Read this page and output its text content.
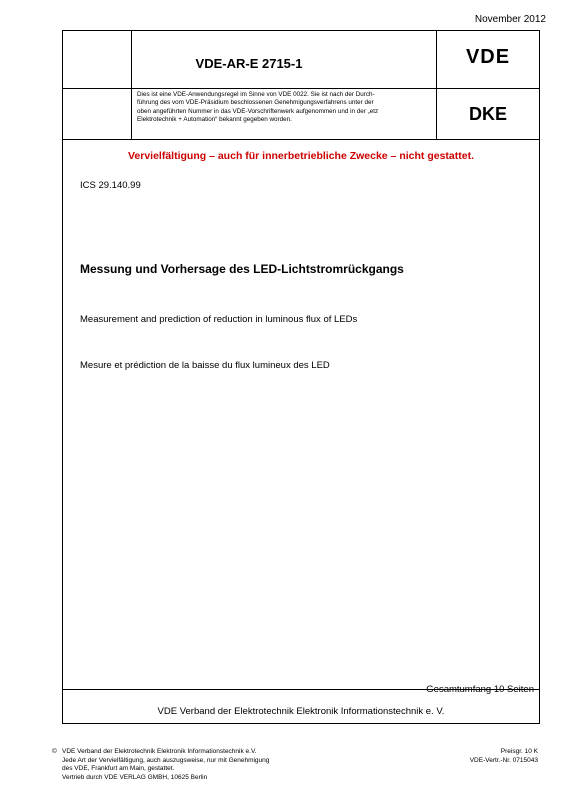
November 2012
VDE-AR-E 2715-1	VDE
DKE
Dies ist eine VDE-Anwendungsregel im Sinne von VDE 0022. Sie ist nach der Durch-
führung des vom VDE-Präsidium beschlossenen Genehmigungsverfahrens unter der
oben angeführten Nummer in das VDE-Vorschriftenwerk aufgenommen und in der „etz
Elektrotechnik + Automation“ bekannt gegeben worden.
Vervielfältigung – auch für innerbetriebliche Zwecke – nicht gestattet.
ICS 29.140.99
Messung und Vorhersage des LED-Lichtstromrückgangs
Measurement and prediction of reduction in luminous flux of LEDs
Mesure et prédiction de la baisse du flux lumineux des LED
Gesamtumfang 10 Seiten
VDE Verband der Elektrotechnik Elektronik Informationstechnik e. V.
© VDE Verband der Elektrotechnik Elektronik Informationstechnik e.V.
Jede Art der Vervielfältigung, auch auszugsweise, nur mit Genehmigung
des VDE, Frankfurt am Main, gestattet.
Vertrieb durch VDE VERLAG GMBH, 10625 Berlin
Preisgr. 10 K
VDE-Vertr.-Nr. 0715043
